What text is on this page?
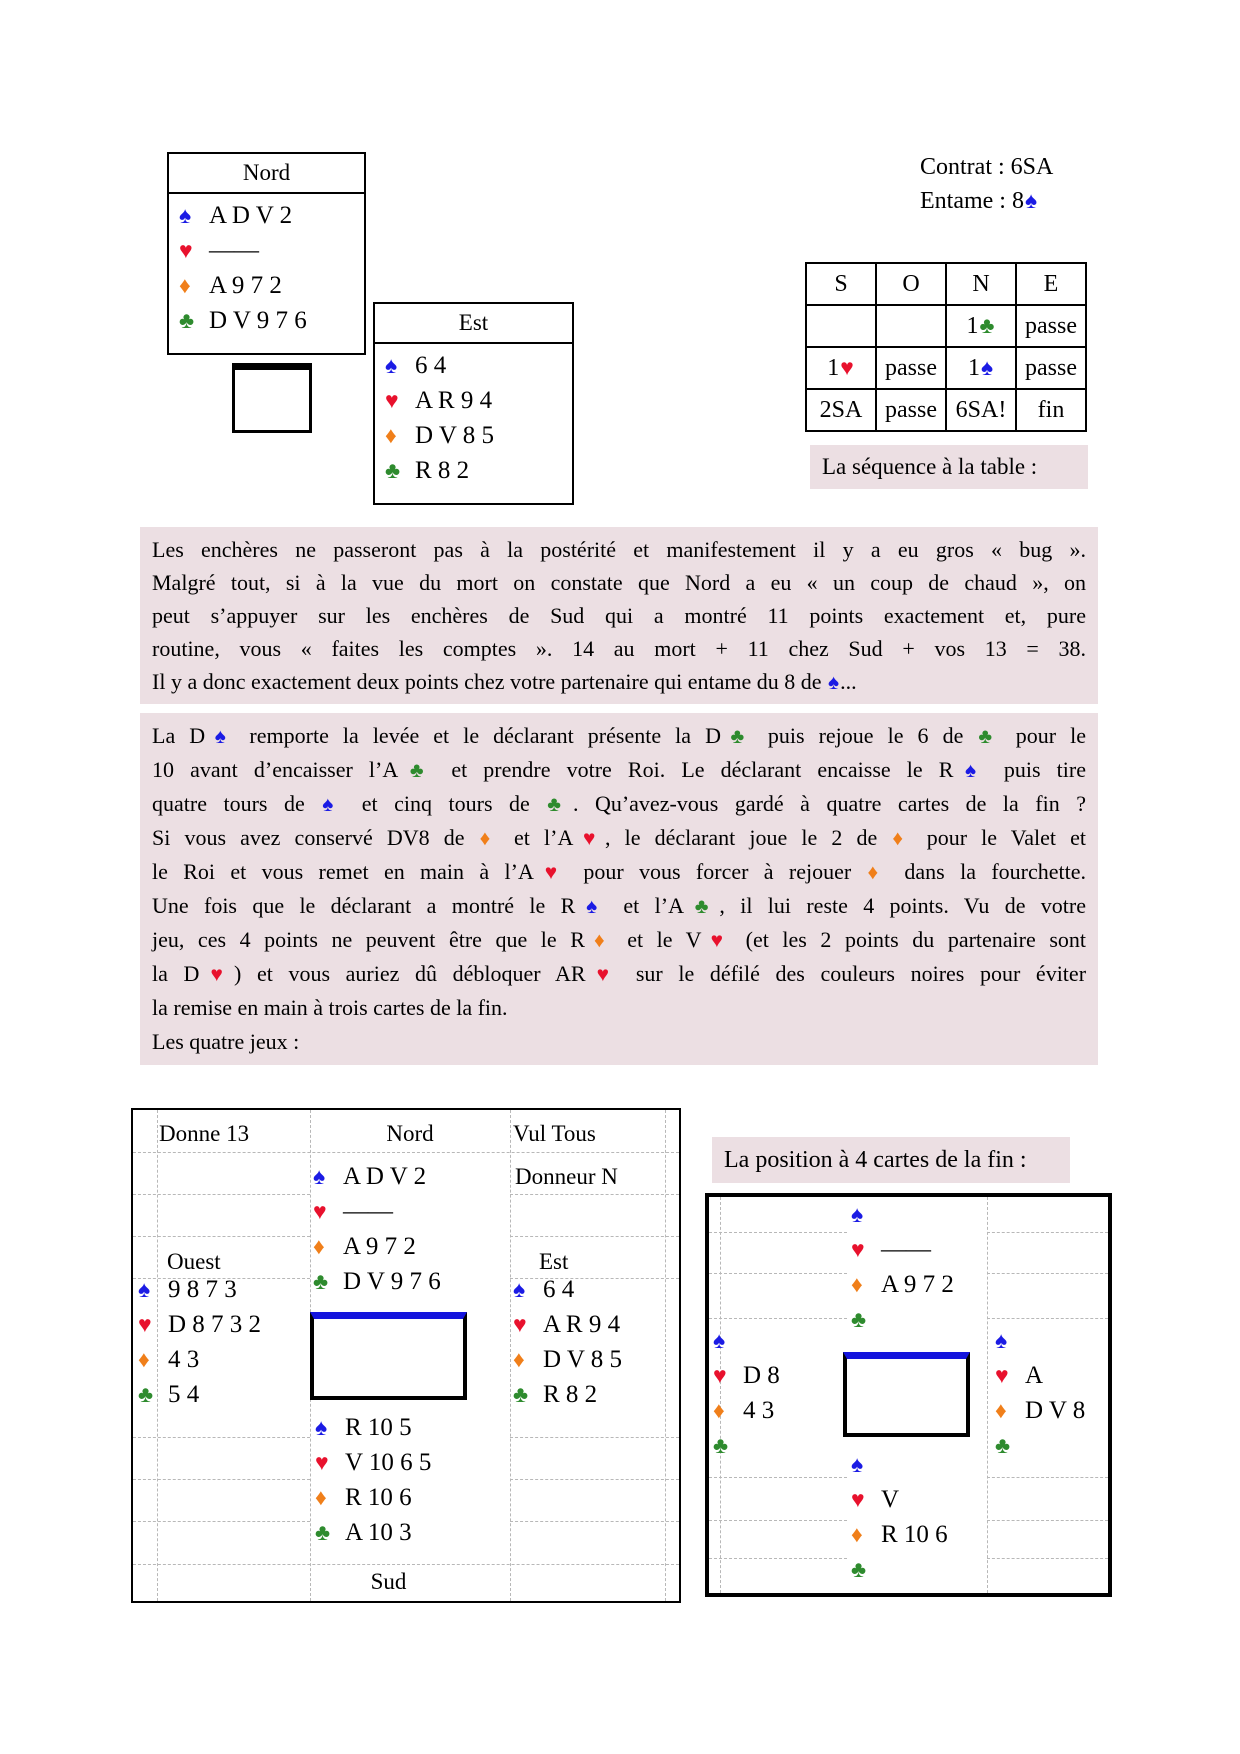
Nord
♠ A D V 2
♥ ——
♦ A 9 7 2
♣ D V 9 7 6	Est
♠ 6 4
♥ A R 9 4
♦ D V 8 5
♣ R 8 2
Contrat : 6SA
Entame : 8♠
S	O	N	E
		1♣	passe
1♥	passe	1♠	passe
2SA	passe	6SA!	fin
La séquence à la table :
Les enchères ne passeront pas à la postérité et manifestement il y a eu gros « bug ».
Malgré tout, si à la vue du mort on constate que Nord a eu « un coup de chaud », on
peut s’appuyer sur les enchères de Sud qui a montré 11 points exactement et, pure
routine, vous « faites les comptes ». 14 au mort + 11 chez Sud + vos 13 = 38.
Il y a donc exactement deux points chez votre partenaire qui entame du 8 de ♠...
La D♠ remporte la levée et le déclarant présente la D♣ puis rejoue le 6 de ♣ pour le
10 avant d’encaisser l’A♣ et prendre votre Roi. Le déclarant encaisse le R♠ puis tire
quatre tours de ♠ et cinq tours de ♣. Qu’avez-vous gardé à quatre cartes de la fin ?
Si vous avez conservé DV8 de ♦ et l’A♥, le déclarant joue le 2 de ♦ pour le Valet et
le Roi et vous remet en main à l’A♥ pour vous forcer à rejouer ♦ dans la fourchette.
Une fois que le déclarant a montré le R♠ et l’A♣, il lui reste 4 points. Vu de votre
jeu, ces 4 points ne peuvent être que le R♦ et le V♥ (et les 2 points du partenaire sont
la D♥) et vous auriez dû débloquer AR♥ sur le défilé des couleurs noires pour éviter
la remise en main à trois cartes de la fin.
Les quatre jeux :
Donne 13	Nord	Vul Tous
Donneur N
Ouest	Est
Sud
♠ A D V 2
♥ ——
♦ A 9 7 2
♣ D V 9 7 6
♠ 9 8 7 3
♥ D 8 7 3 2
♦ 4 3
♣ 5 4
♠ 6 4
♥ A R 9 4
♦ D V 8 5
♣ R 8 2
♠ R 10 5
♥ V 10 6 5
♦ R 10 6
♣ A 10 3
La position à 4 cartes de la fin :
♠
♥ ——
♦ A 9 7 2
♣
♠
♥ D 8
♦ 4 3
♣
♠
♥ A
♦ D V 8
♣
♠
♥ V
♦ R 10 6
♣
